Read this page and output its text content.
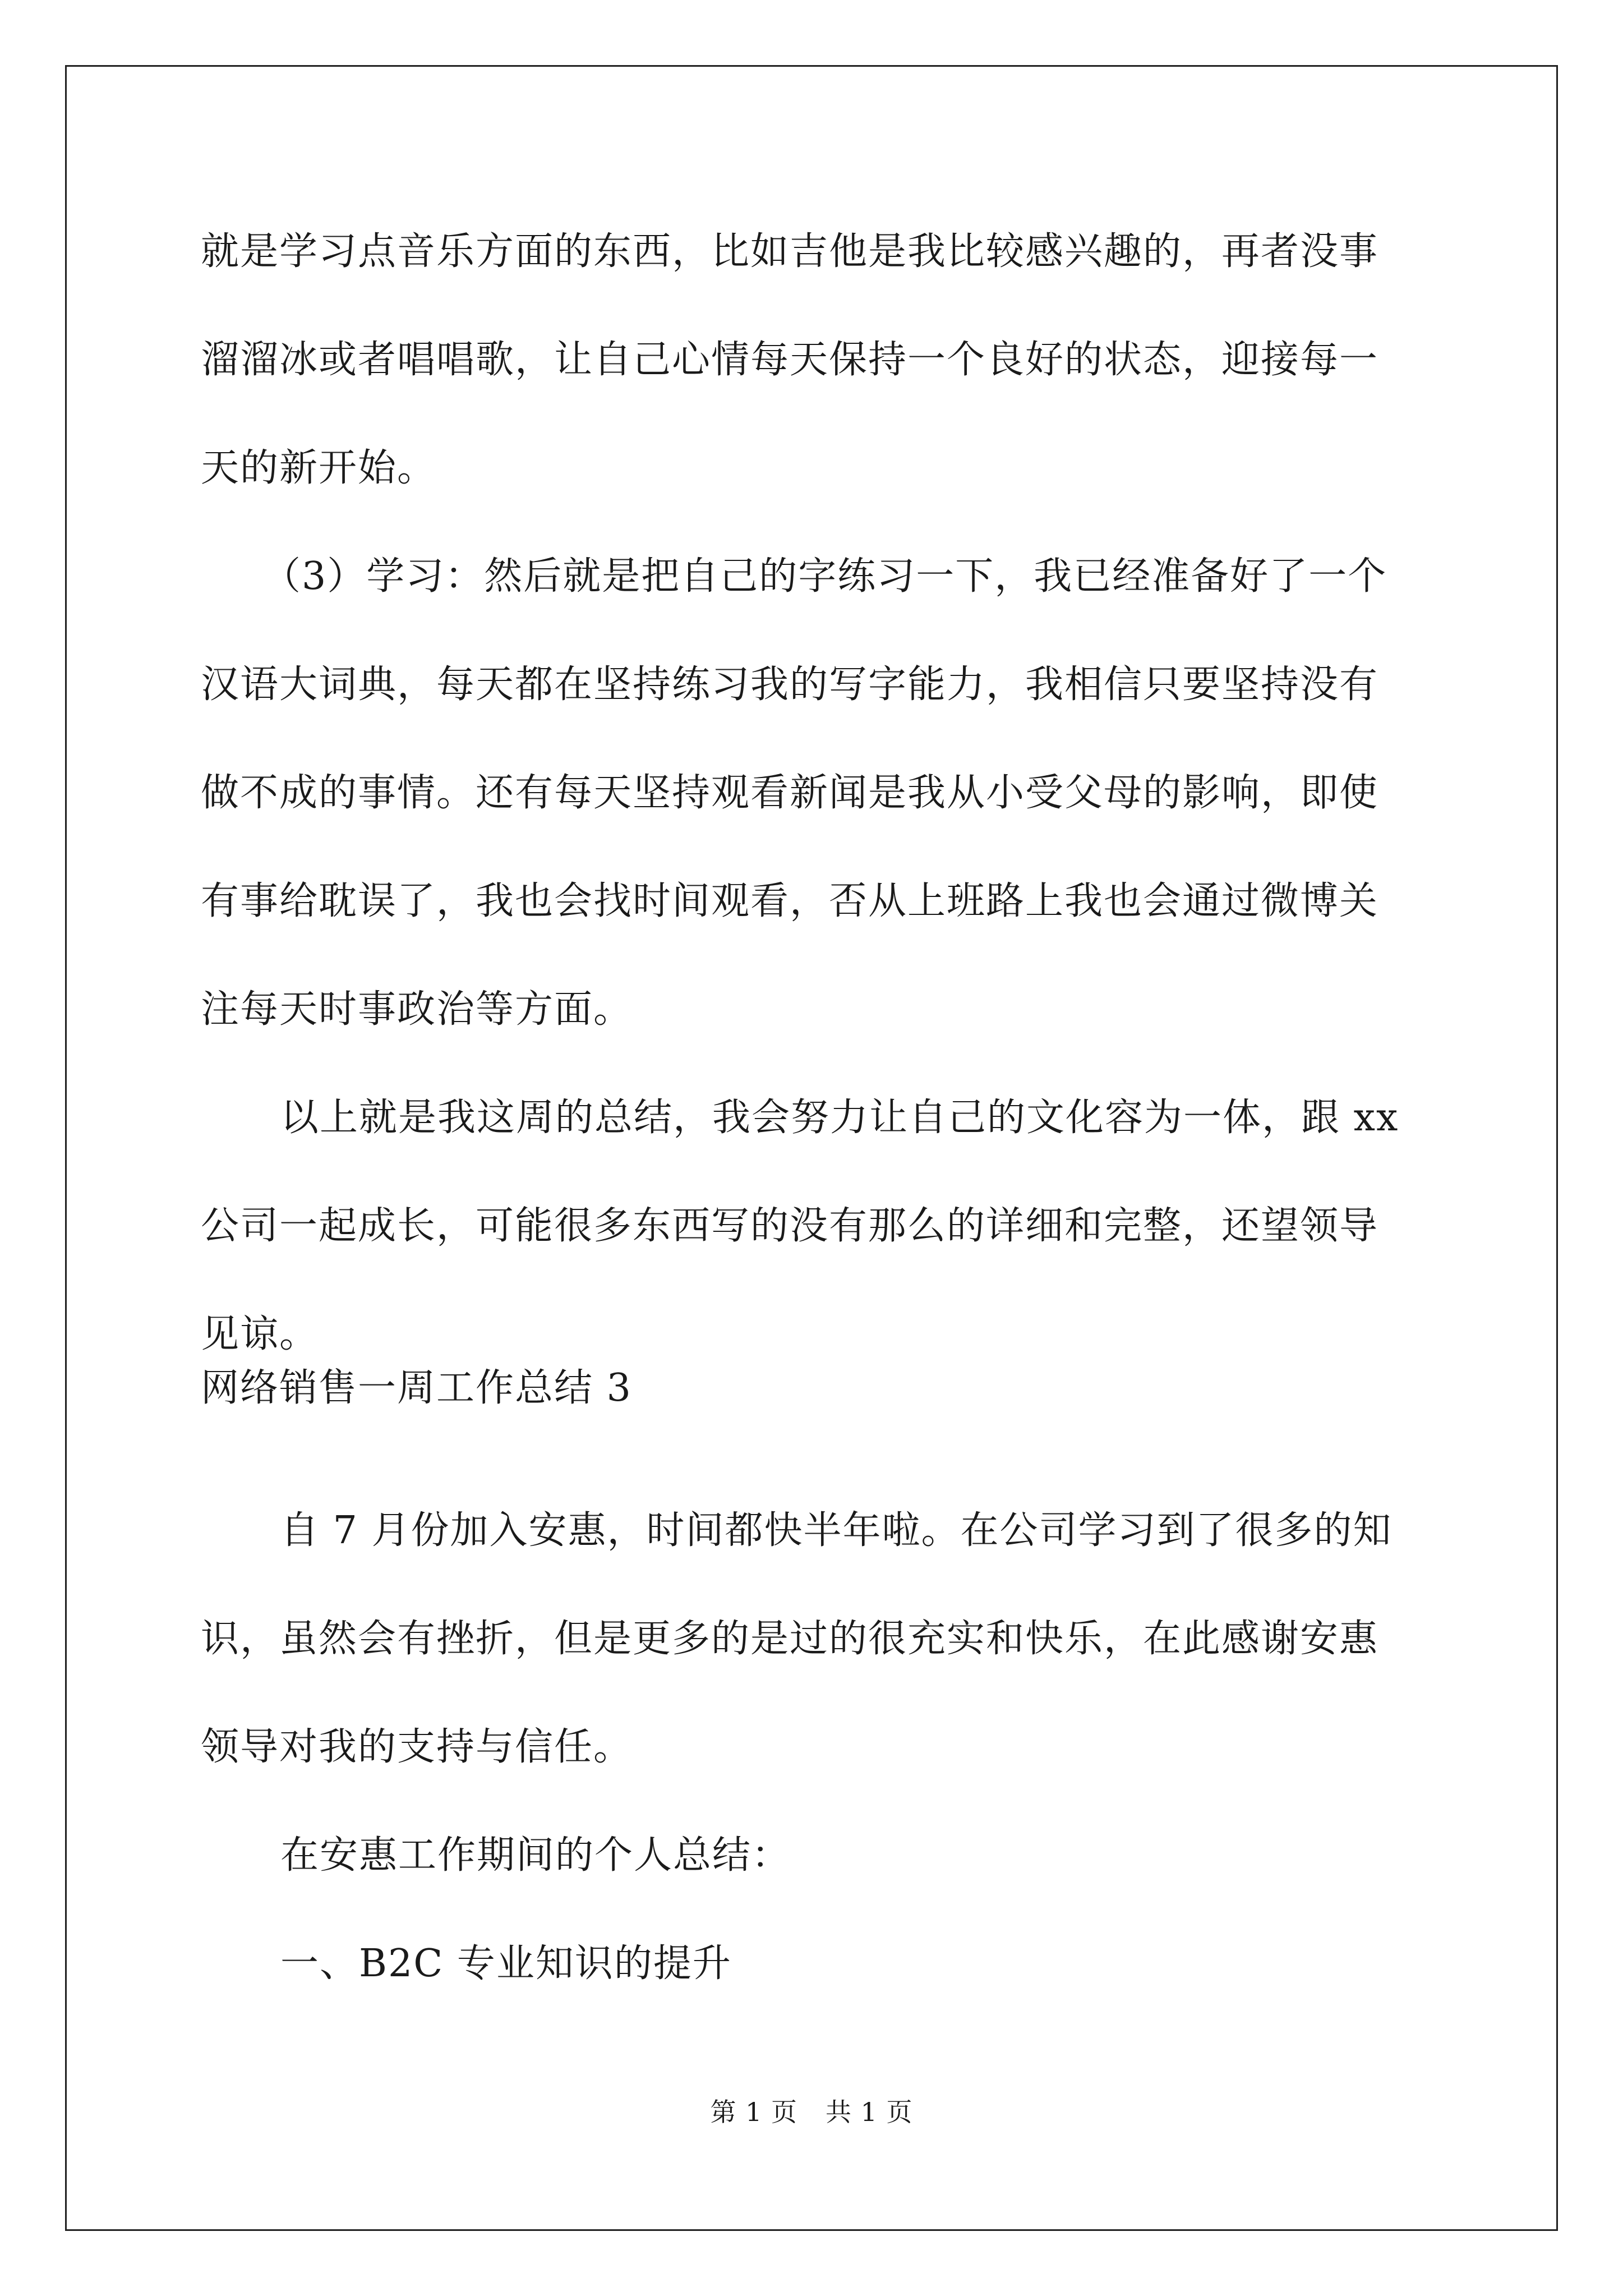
就是学习点音乐方面的东西，比如吉他是我比较感兴趣的，再者没事
溜溜冰或者唱唱歌，让自己心情每天保持一个良好的状态，迎接每一
天的新开始。
（3）学习：然后就是把自己的字练习一下，我已经准备好了一个
汉语大词典，每天都在坚持练习我的写字能力，我相信只要坚持没有
做不成的事情。还有每天坚持观看新闻是我从小受父母的影响，即使
有事给耽误了，我也会找时间观看，否从上班路上我也会通过微博关
注每天时事政治等方面。
以上就是我这周的总结，我会努力让自己的文化容为一体，跟 xx
公司一起成长，可能很多东西写的没有那么的详细和完整，还望领导
见谅。
网络销售一周工作总结 3
自 7 月份加入安惠，时间都快半年啦。在公司学习到了很多的知
识，虽然会有挫折，但是更多的是过的很充实和快乐，在此感谢安惠
领导对我的支持与信任。
在安惠工作期间的个人总结：
一、B2C 专业知识的提升
第 1 页 共 1 页
